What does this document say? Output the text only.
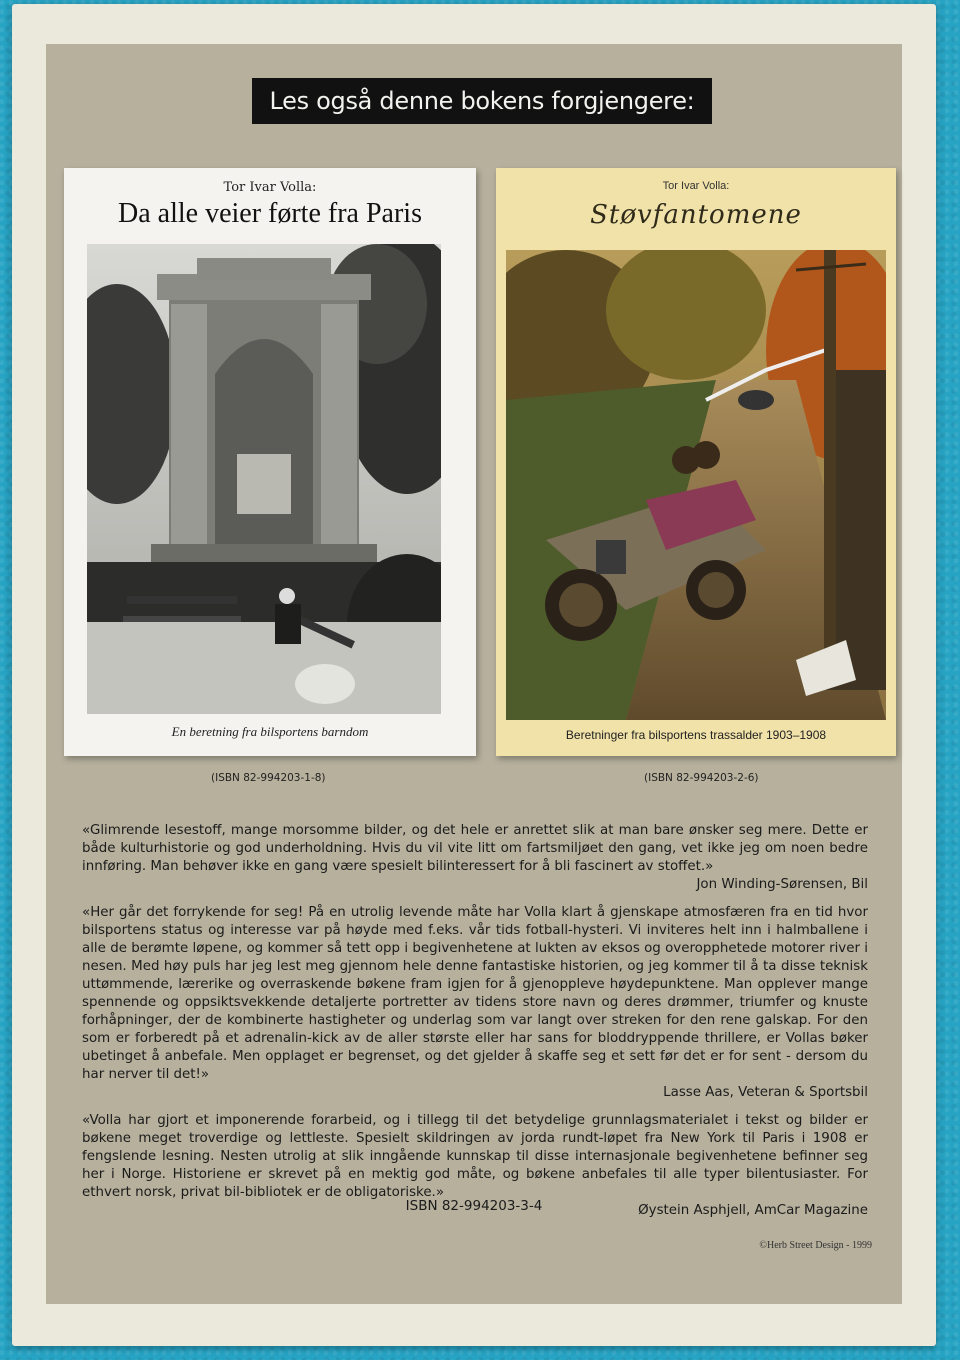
Les også denne bokens forgjengere:
Tor Ivar Volla:
Da alle veier førte fra Paris
En beretning fra bilsportens barndom
Tor Ivar Volla:
Støvfantomene
Beretninger fra bilsportens trassalder 1903–1908
(ISBN 82-994203-1-8)	(ISBN 82-994203-2-6)
«Glimrende lesestoff, mange morsomme bilder, og det hele er anrettet slik at man bare ønsker seg mere. Dette er både kulturhistorie og god underholdning. Hvis du vil vite litt om fartsmiljøet den gang, vet ikke jeg om noen bedre innføring. Man behøver ikke en gang være spesielt bilinteressert for å bli fascinert av stoffet.»
Jon Winding-Sørensen, Bil
«Her går det forrykende for seg! På en utrolig levende måte har Volla klart å gjenskape atmosfæren fra en tid hvor bilsportens status og interesse var på høyde med f.eks. vår tids fotball-hysteri. Vi inviteres helt inn i halmballene i alle de berømte løpene, og kommer så tett opp i begivenhetene at lukten av eksos og overopphetede motorer river i nesen. Med høy puls har jeg lest meg gjennom hele denne fantastiske historien, og jeg kommer til å ta disse teknisk uttømmende, lærerike og overraskende bøkene fram igjen for å gjenoppleve høydepunktene. Man opplever mange spennende og oppsiktsvekkende detaljerte portretter av tidens store navn og deres drømmer, triumfer og knuste forhåpninger, der de kombinerte hastigheter og underlag som var langt over streken for den rene galskap. For den som er forberedt på et adrenalin-kick av de aller største eller har sans for bloddryppende thrillere, er Vollas bøker ubetinget å anbefale. Men opplaget er begrenset, og det gjelder å skaffe seg et sett før det er for sent - dersom du har nerver til det!»
Lasse Aas, Veteran & Sportsbil
«Volla har gjort et imponerende forarbeid, og i tillegg til det betydelige grunnlagsmaterialet i tekst og bilder er bøkene meget troverdige og lettleste. Spesielt skildringen av jorda rundt-løpet fra New York til Paris i 1908 er fengslende lesning. Nesten utrolig at slik inngående kunnskap til disse internasjonale begivenhetene befinner seg her i Norge. Historiene er skrevet på en mektig god måte, og bøkene anbefales til alle typer bilentusiaster. For ethvert norsk, privat bil-bibliotek er de obligatoriske.»
Øystein Asphjell, AmCar Magazine
ISBN 82-994203-3-4
©Herb Street Design - 1999
